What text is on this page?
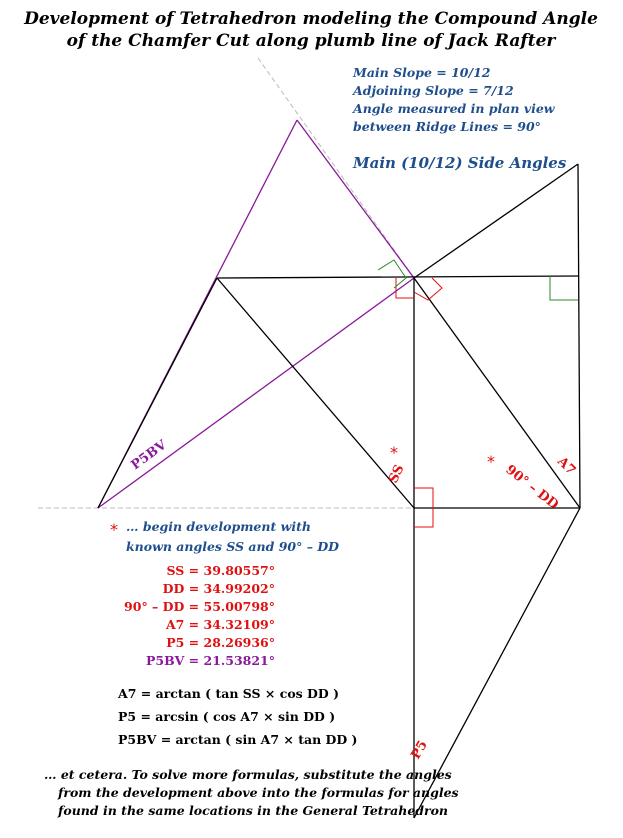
Development of Tetrahedron modeling the Compound Angle
of the Chamfer Cut along plumb line of Jack Rafter
Main Slope = 10/12
Adjoining Slope = 7/12
Angle measured in plan view
between Ridge Lines = 90°
Main (10/12) Side Angles
P5BV	*
SS
*
90° – DD
A7
P5
* … begin development with
known angles SS and 90° – DD
SS = 39.80557°
DD = 34.99202°
90° – DD = 55.00798°
A7 = 34.32109°
P5 = 28.26936°
P5BV = 21.53821°
A7 = arctan ( tan SS × cos DD )
P5 = arcsin ( cos A7 × sin DD )
P5BV = arctan ( sin A7 × tan DD )
… et cetera. To solve more formulas, substitute the angles
from the development above into the formulas for angles
found in the same locations in the General Tetrahedron
